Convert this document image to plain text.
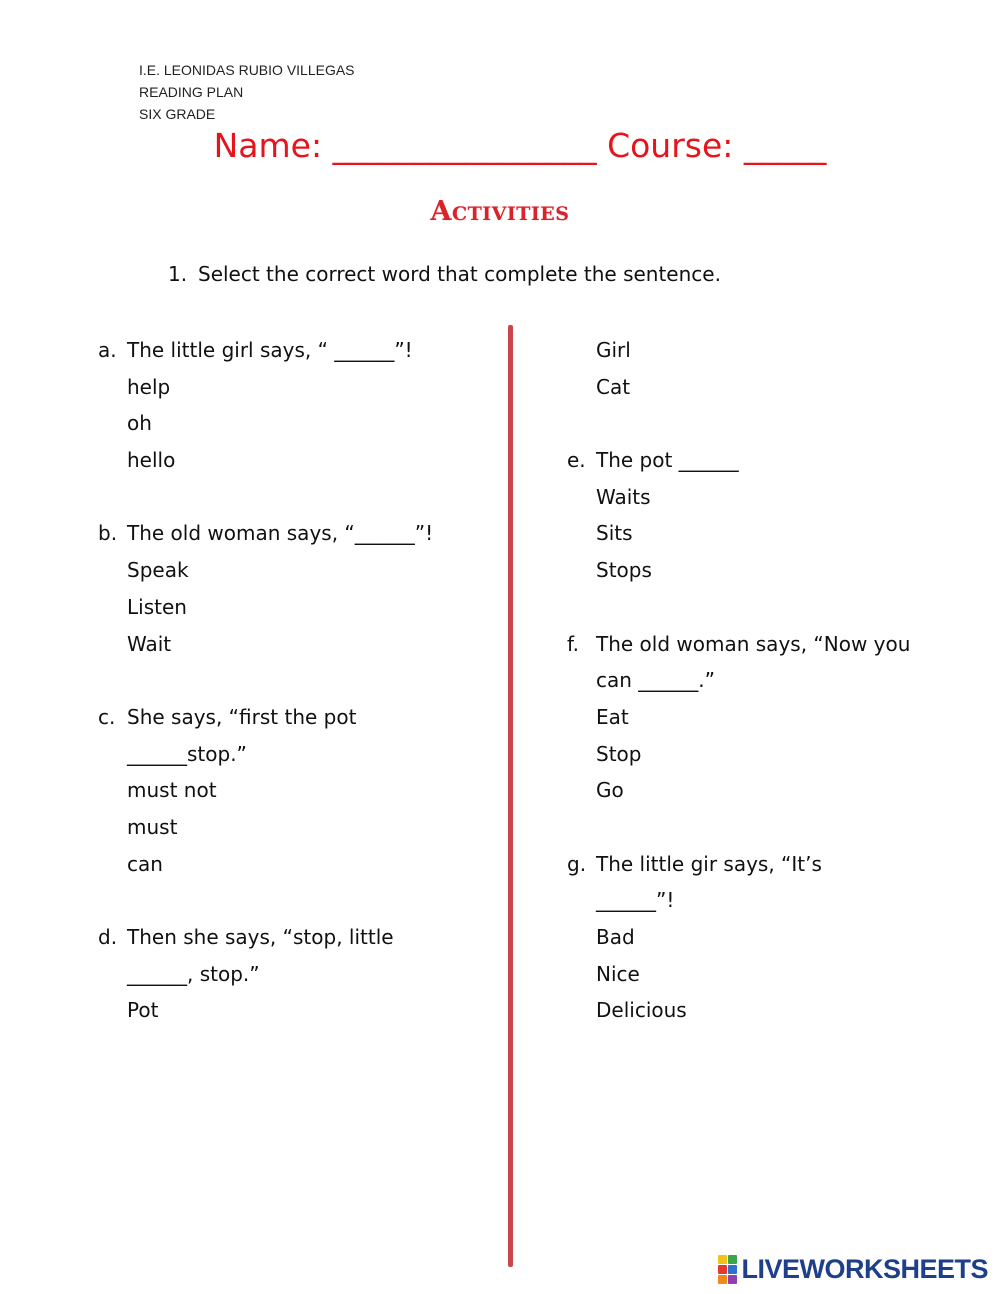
I.E. LEONIDAS RUBIO VILLEGAS
READING PLAN
SIX GRADE
Name: ________________ Course: _____
Activities
1. Select the correct word that complete the sentence.
a. The little girl says, “ ______”!
help
oh
hello
b. The old woman says, “______”!
Speak
Listen
Wait
c. She says, “first the pot
______stop.”
must not
must
can
d. Then she says, “stop, little
______, stop.”
Pot
Girl
Cat
e. The pot ______
Waits
Sits
Stops
f. The old woman says, “Now you
can ______.”
Eat
Stop
Go
g. The little gir says, “It’s
______”!
Bad
Nice
Delicious
LIVEWORKSHEETS
